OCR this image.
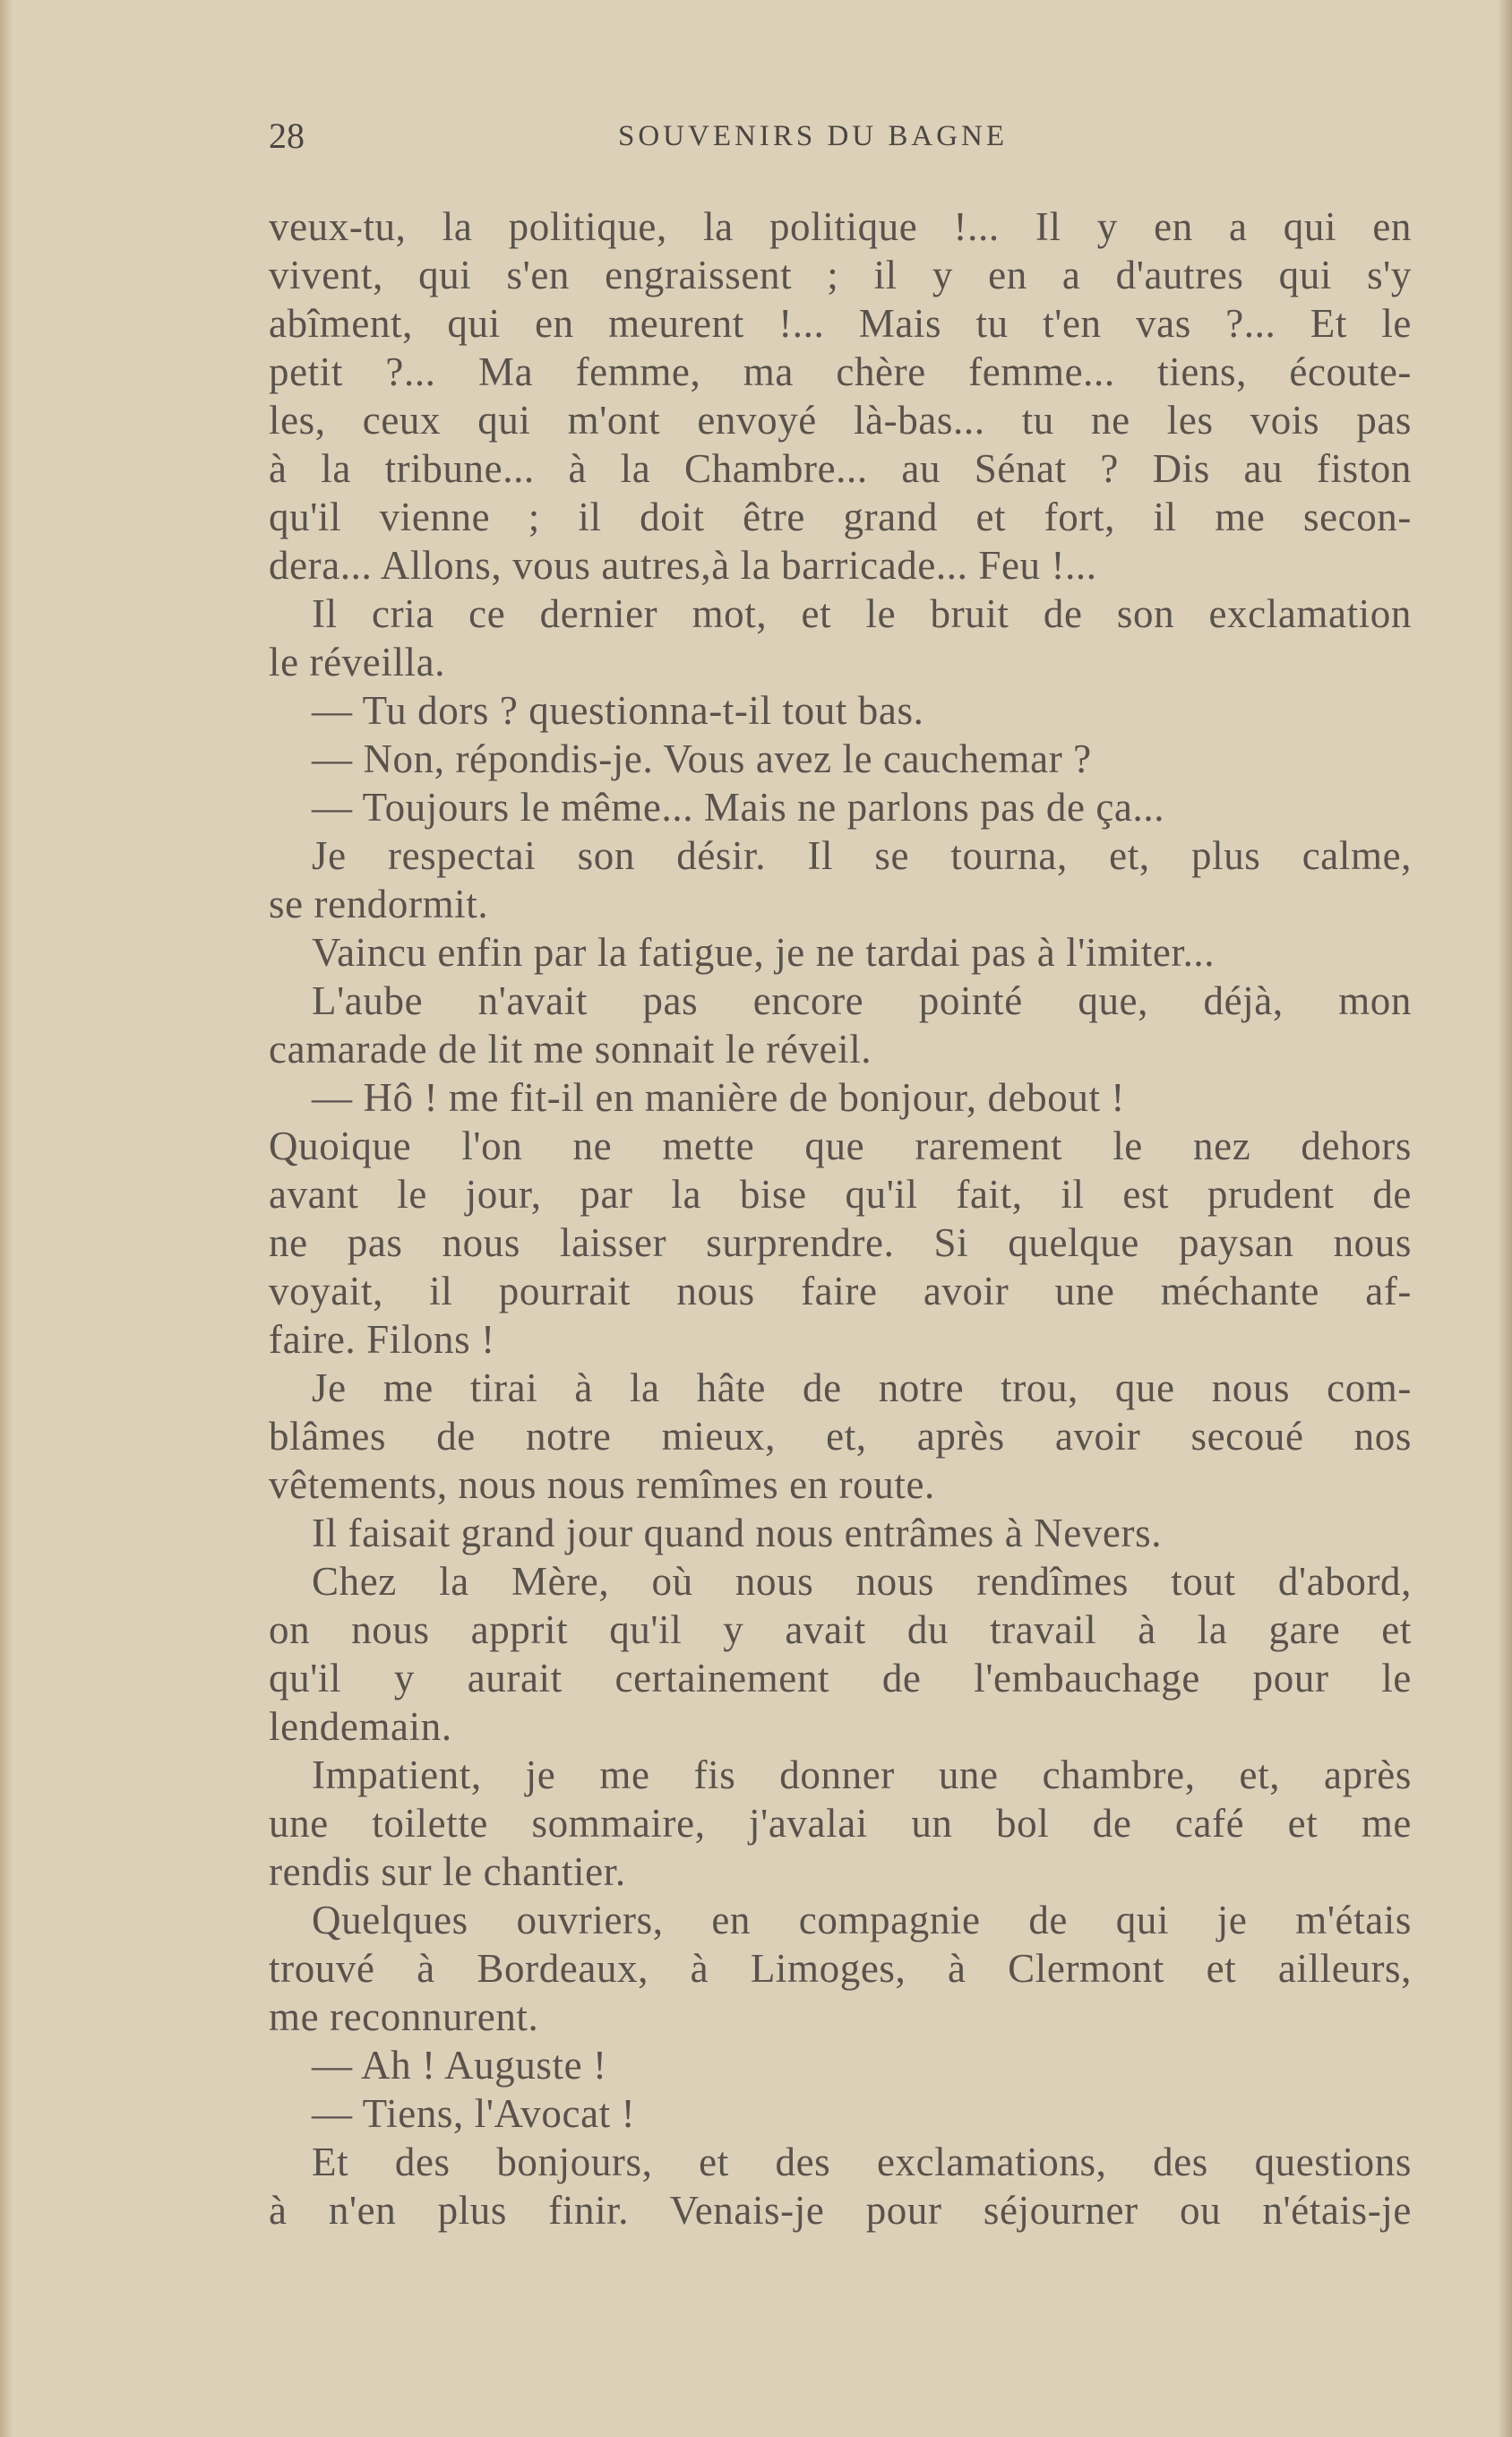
28	SOUVENIRS DU BAGNE
veux-tu, la politique, la politique !... Il y en a qui en
vivent, qui s'en engraissent ; il y en a d'autres qui s'y
abîment, qui en meurent !... Mais tu t'en vas ?... Et le
petit ?... Ma femme, ma chère femme... tiens, écoute-
les, ceux qui m'ont envoyé là-bas... tu ne les vois pas
à la tribune... à la Chambre... au Sénat ? Dis au fiston
qu'il vienne ; il doit être grand et fort, il me secon-
dera... Allons, vous autres,à la barricade... Feu !...
Il cria ce dernier mot, et le bruit de son exclamation
le réveilla.
— Tu dors ? questionna-t-il tout bas.
— Non, répondis-je. Vous avez le cauchemar ?
— Toujours le même... Mais ne parlons pas de ça...
Je respectai son désir. Il se tourna, et, plus calme,
se rendormit.
Vaincu enfin par la fatigue, je ne tardai pas à l'imiter...
L'aube n'avait pas encore pointé que, déjà, mon
camarade de lit me sonnait le réveil.
— Hô ! me fit-il en manière de bonjour, debout !
Quoique l'on ne mette que rarement le nez dehors
avant le jour, par la bise qu'il fait, il est prudent de
ne pas nous laisser surprendre. Si quelque paysan nous
voyait, il pourrait nous faire avoir une méchante af-
faire. Filons !
Je me tirai à la hâte de notre trou, que nous com-
blâmes de notre mieux, et, après avoir secoué nos
vêtements, nous nous remîmes en route.
Il faisait grand jour quand nous entrâmes à Nevers.
Chez la Mère, où nous nous rendîmes tout d'abord,
on nous apprit qu'il y avait du travail à la gare et
qu'il y aurait certainement de l'embauchage pour le
lendemain.
Impatient, je me fis donner une chambre, et, après
une toilette sommaire, j'avalai un bol de café et me
rendis sur le chantier.
Quelques ouvriers, en compagnie de qui je m'étais
trouvé à Bordeaux, à Limoges, à Clermont et ailleurs,
me reconnurent.
— Ah ! Auguste !
— Tiens, l'Avocat !
Et des bonjours, et des exclamations, des questions
à n'en plus finir. Venais-je pour séjourner ou n'étais-je
